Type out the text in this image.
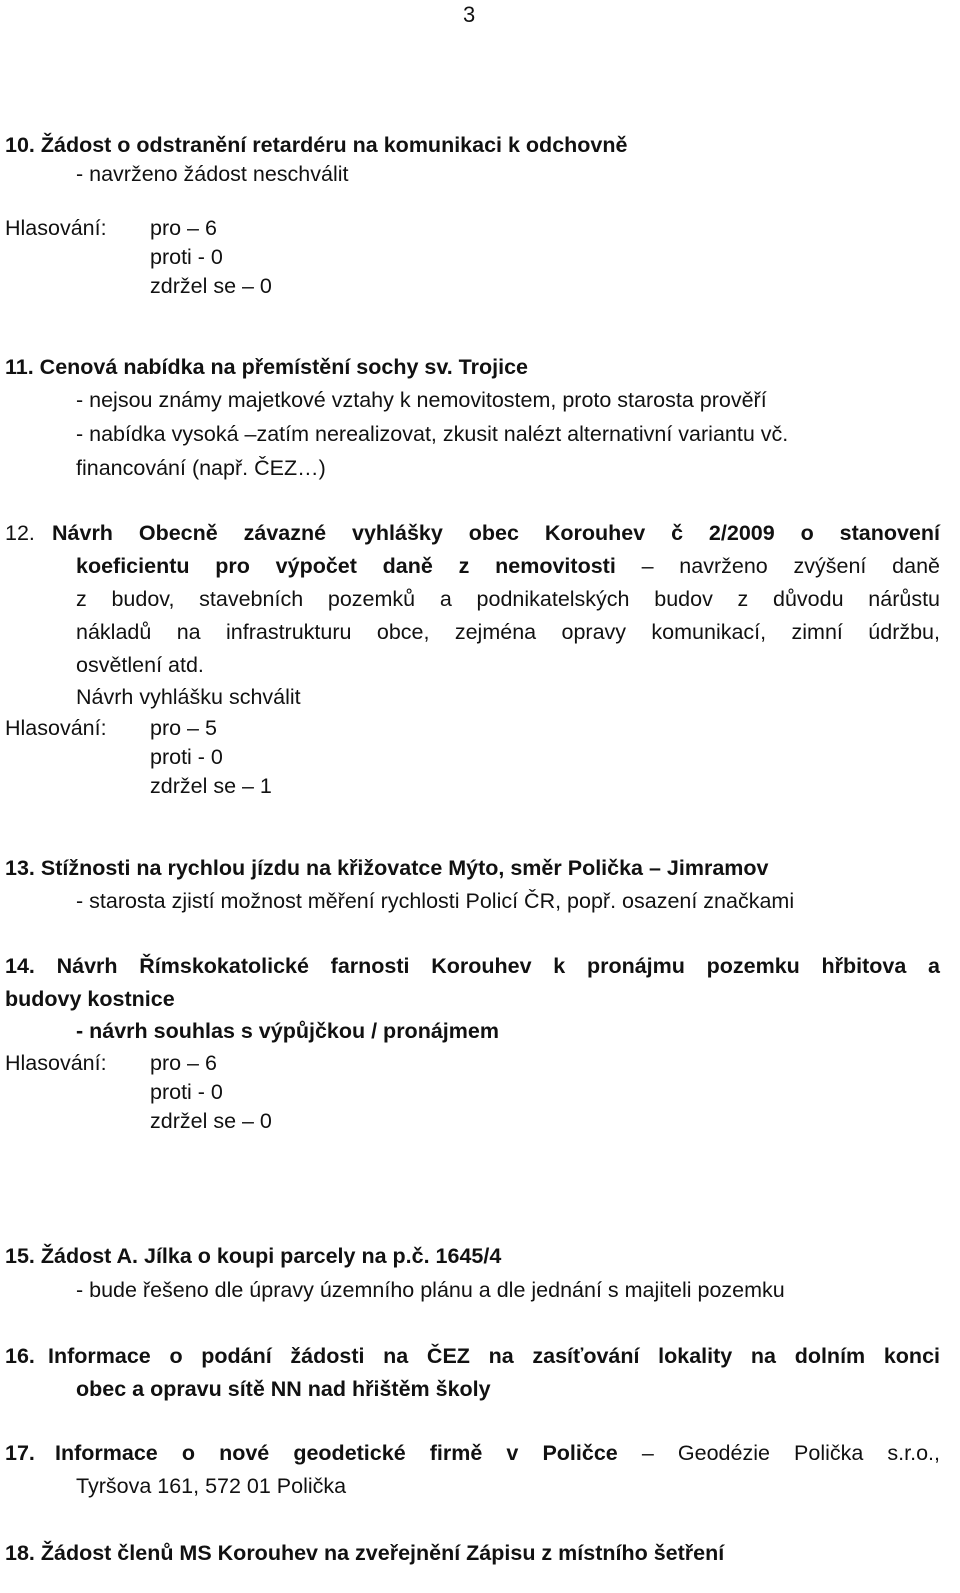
3
10. Žádost o odstranění retardéru na komunikaci k odchovně
- navrženo žádost neschválit
Hlasování: pro – 6
proti - 0
zdržel se – 0
11. Cenová nabídka na přemístění sochy sv. Trojice
- nejsou známy majetkové vztahy k nemovitostem, proto starosta prověří
- nabídka vysoká –zatím nerealizovat, zkusit nalézt alternativní variantu vč.
financování (např. ČEZ…)
12. Návrh Obecně závazné vyhlášky obec Korouhev č 2/2009 o stanovení
koeficientu pro výpočet daně z nemovitosti – navrženo zvýšení daně
z budov, stavebních pozemků a podnikatelských budov z důvodu nárůstu
nákladů na infrastrukturu obce, zejména opravy komunikací, zimní údržbu,
osvětlení atd.
Návrh vyhlášku schválit
Hlasování: pro – 5
proti - 0
zdržel se – 1
13. Stížnosti na rychlou jízdu na křižovatce Mýto, směr Polička – Jimramov
- starosta zjistí možnost měření rychlosti Policí ČR, popř. osazení značkami
14. Návrh Římskokatolické farnosti Korouhev k pronájmu pozemku hřbitova a
budovy kostnice
- návrh souhlas s výpůjčkou / pronájmem
Hlasování: pro – 6
proti - 0
zdržel se – 0
15. Žádost A. Jílka o koupi parcely na p.č. 1645/4
- bude řešeno dle úpravy územního plánu a dle jednání s majiteli pozemku
16. Informace o podání žádosti na ČEZ na zasíťování lokality na dolním konci
obec a opravu sítě NN nad hřištěm školy
17. Informace o nové geodetické firmě v Poličce – Geodézie Polička s.r.o.,
Tyršova 161, 572 01 Polička
18. Žádost členů MS Korouhev na zveřejnění Zápisu z místního šetření
